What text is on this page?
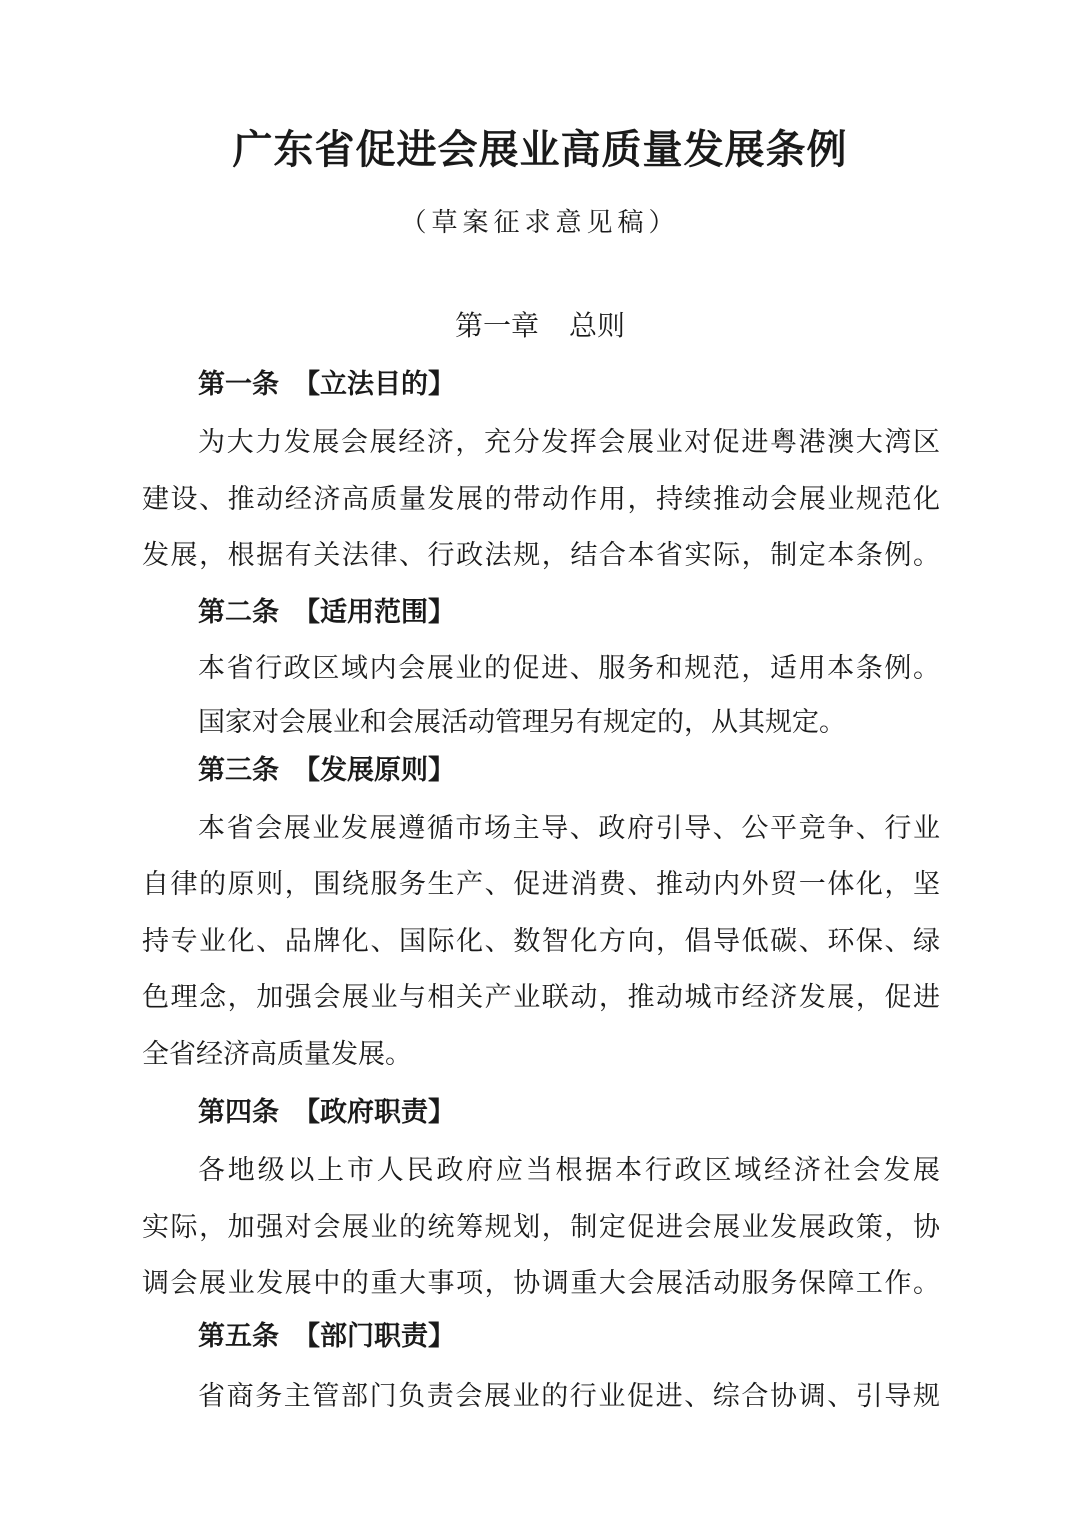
广东省促进会展业高质量发展条例
（草案征求意见稿）
第一章 总则
第一条 【立法目的】
为大力发展会展经济，充分发挥会展业对促进粤港澳大湾区
建设、推动经济高质量发展的带动作用，持续推动会展业规范化
发展，根据有关法律、行政法规，结合本省实际，制定本条例。
第二条 【适用范围】
本省行政区域内会展业的促进、服务和规范，适用本条例。
国家对会展业和会展活动管理另有规定的，从其规定。
第三条 【发展原则】
本省会展业发展遵循市场主导、政府引导、公平竞争、行业
自律的原则，围绕服务生产、促进消费、推动内外贸一体化，坚
持专业化、品牌化、国际化、数智化方向，倡导低碳、环保、绿
色理念，加强会展业与相关产业联动，推动城市经济发展，促进
全省经济高质量发展。
第四条 【政府职责】
各地级以上市人民政府应当根据本行政区域经济社会发展
实际，加强对会展业的统筹规划，制定促进会展业发展政策，协
调会展业发展中的重大事项，协调重大会展活动服务保障工作。
第五条 【部门职责】
省商务主管部门负责会展业的行业促进、综合协调、引导规
